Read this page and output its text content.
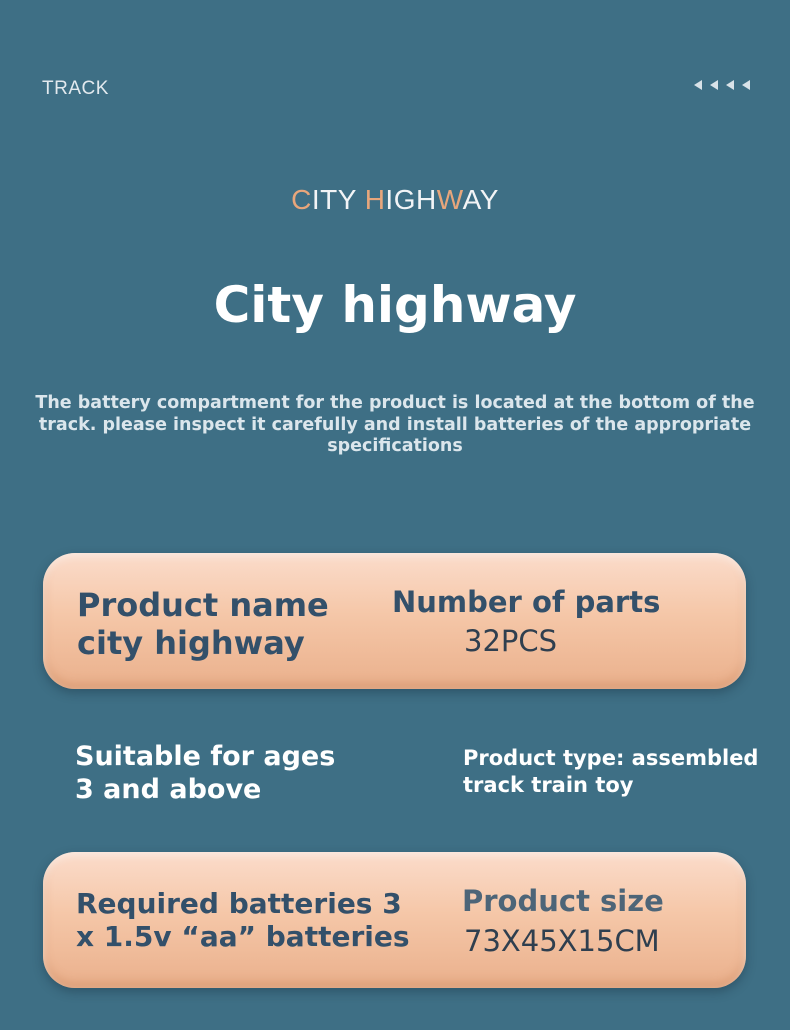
TRACK
CITY HIGHWAY
City highway
The battery compartment for the product is located at the bottom of the
track. please inspect it carefully and install batteries of the appropriate
specifications
Product name
city highway
Number of parts
32PCS
Suitable for ages
3 and above
Product type: assembled
track train toy
Required batteries 3
x 1.5v “aa” batteries
Product size
73X45X15CM
